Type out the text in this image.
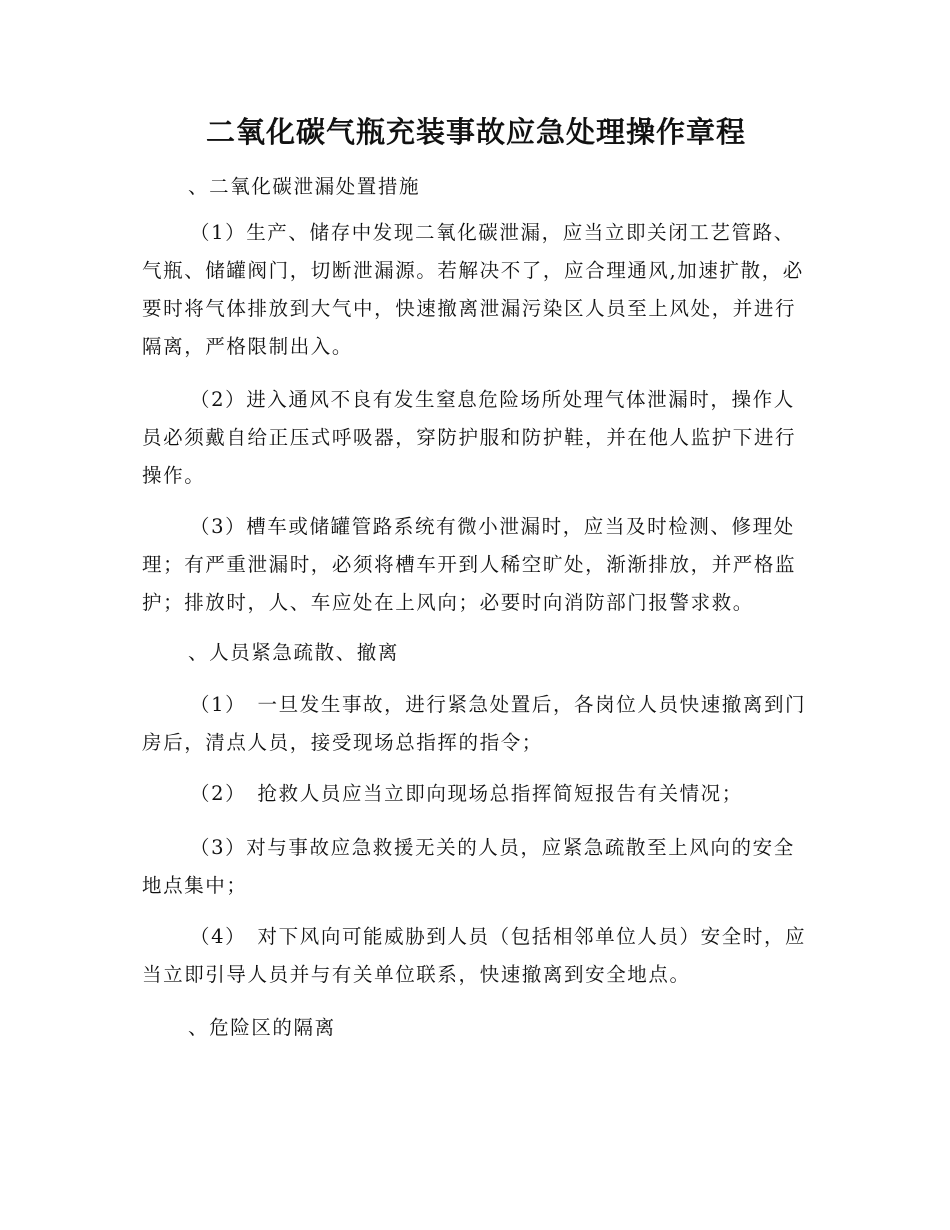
二氧化碳气瓶充装事故应急处理操作章程

、二氧化碳泄漏处置措施

（1）生产、储存中发现二氧化碳泄漏，应当立即关闭工艺管路、气瓶、储罐阀门，切断泄漏源。若解决不了，应合理通风,加速扩散，必要时将气体排放到大气中，快速撤离泄漏污染区人员至上风处，并进行隔离，严格限制出入。

（2）进入通风不良有发生窒息危险场所处理气体泄漏时，操作人员必须戴自给正压式呼吸器，穿防护服和防护鞋，并在他人监护下进行操作。

（3）槽车或储罐管路系统有微小泄漏时，应当及时检测、修理处理；有严重泄漏时，必须将槽车开到人稀空旷处，渐渐排放，并严格监护；排放时，人、车应处在上风向；必要时向消防部门报警求救。

、人员紧急疏散、撤离

（1）　一旦发生事故，进行紧急处置后，各岗位人员快速撤离到门房后，清点人员，接受现场总指挥的指令；

（2）　抢救人员应当立即向现场总指挥简短报告有关情况；

（3）对与事故应急救援无关的人员，应紧急疏散至上风向的安全地点集中；

（4）　对下风向可能威胁到人员（包括相邻单位人员）安全时，应当立即引导人员并与有关单位联系，快速撤离到安全地点。

、危险区的隔离
